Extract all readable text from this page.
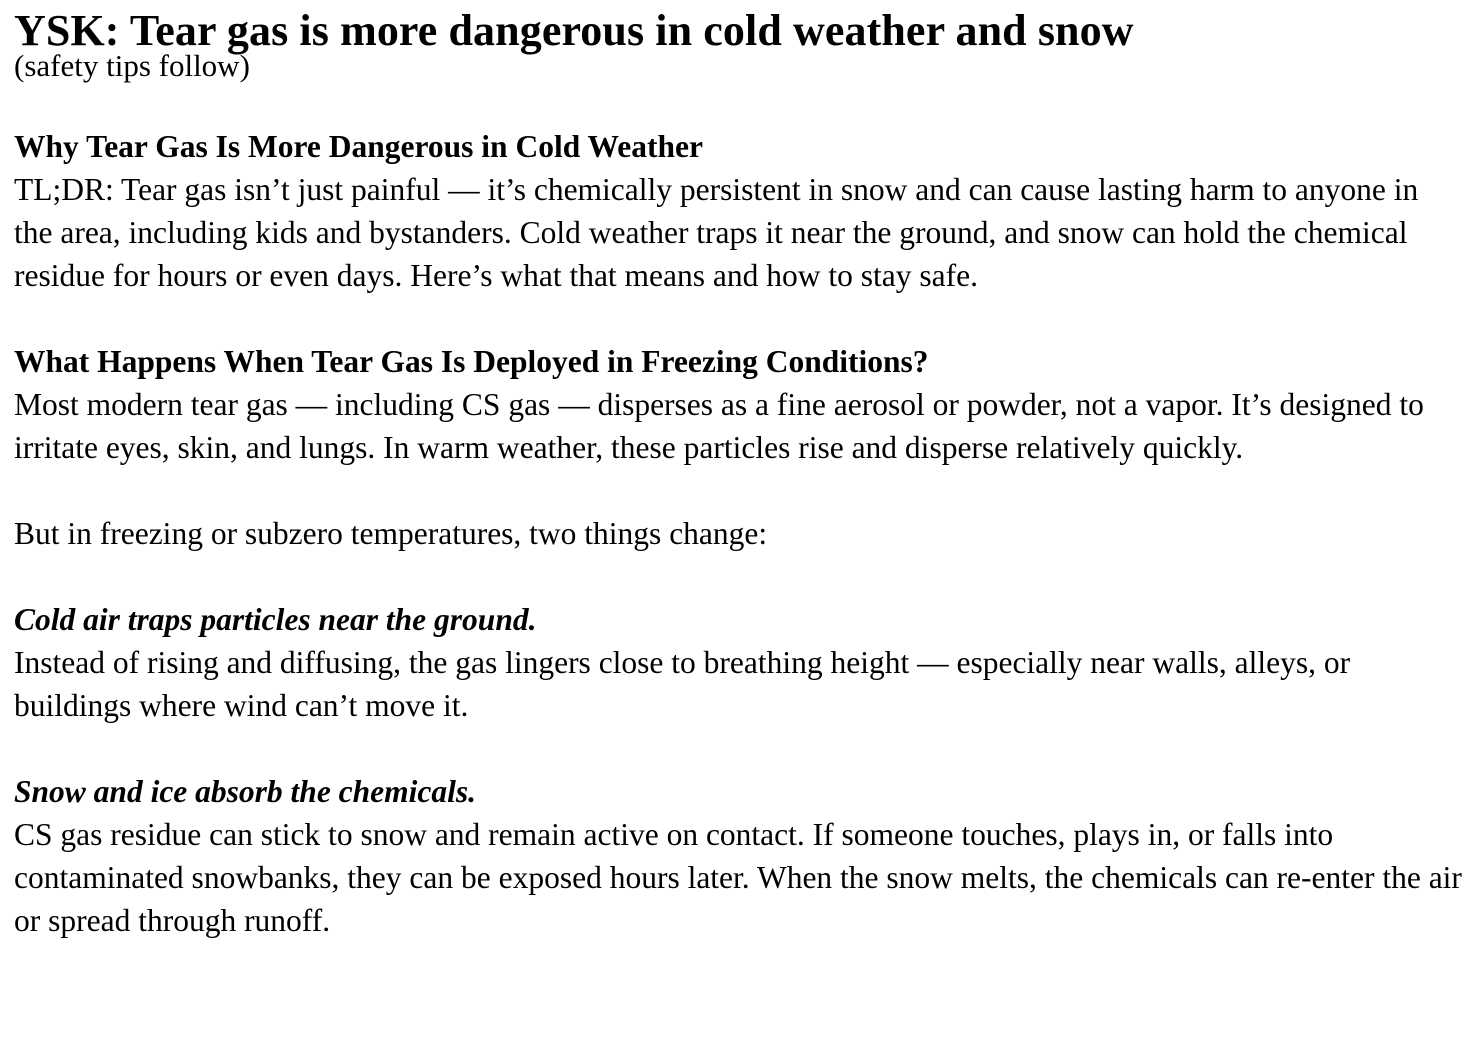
YSK: Tear gas is more dangerous in cold weather and snow

(safety tips follow)

Why Tear Gas Is More Dangerous in Cold Weather

TL;DR: Tear gas isn’t just painful — it’s chemically persistent in snow and can cause lasting harm to anyone in the area, including kids and bystanders. Cold weather traps it near the ground, and snow can hold the chemical residue for hours or even days. Here’s what that means and how to stay safe.

What Happens When Tear Gas Is Deployed in Freezing Conditions?

Most modern tear gas — including CS gas — disperses as a fine aerosol or powder, not a vapor. It’s designed to irritate eyes, skin, and lungs. In warm weather, these particles rise and disperse relatively quickly.

But in freezing or subzero temperatures, two things change:

Cold air traps particles near the ground.

Instead of rising and diffusing, the gas lingers close to breathing height — especially near walls, alleys, or buildings where wind can’t move it.

Snow and ice absorb the chemicals.

CS gas residue can stick to snow and remain active on contact. If someone touches, plays in, or falls into contaminated snowbanks, they can be exposed hours later. When the snow melts, the chemicals can re-enter the air or spread through runoff.
